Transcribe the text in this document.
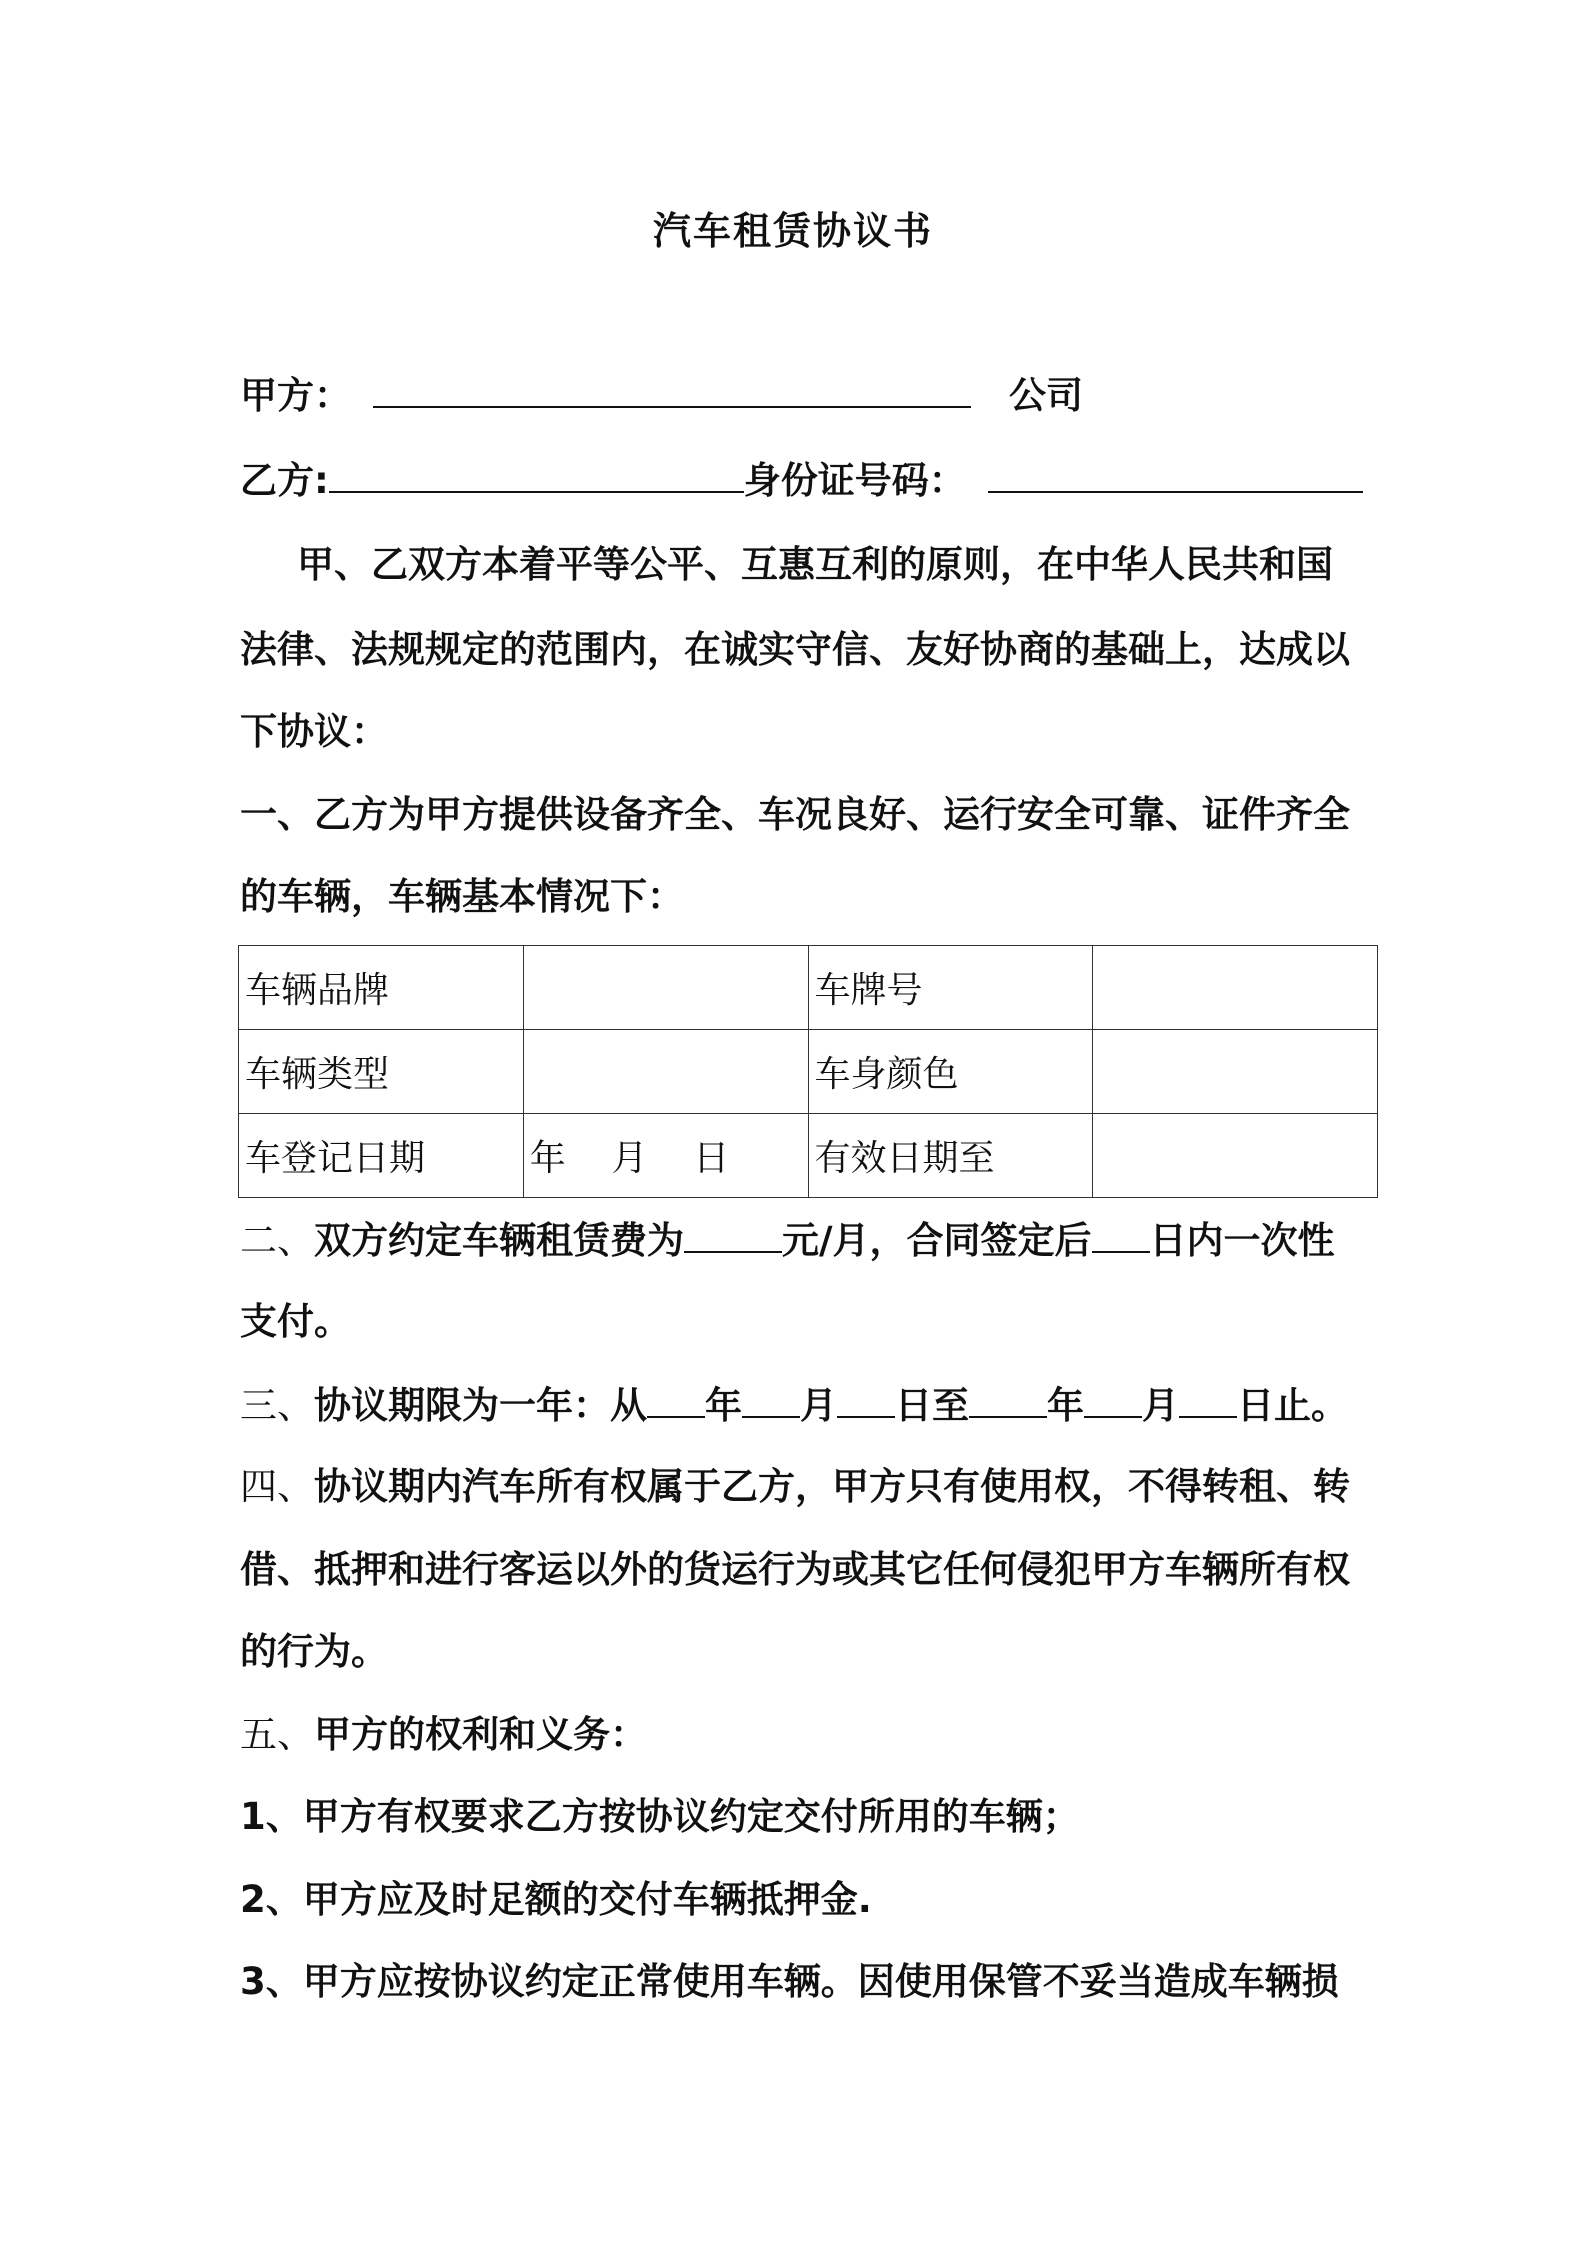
汽车租赁协议书
甲方：	公司
乙方:	身份证号码：
甲、乙双方本着平等公平、互惠互利的原则，在中华人民共和国
法律、法规规定的范围内，在诚实守信、友好协商的基础上，达成以
下协议：
一、乙方为甲方提供设备齐全、车况良好、运行安全可靠、证件齐全
的车辆，车辆基本情况下：
车辆品牌		车牌号	
车辆类型		车身颜色	
车登记日期	年    月    日	有效日期至	
二、双方约定车辆租赁费为	元/月，合同签定后 日内一次性
支付。
三、协议期限为一年：从 年 月 日至 年 月 日止。
四、协议期内汽车所有权属于乙方，甲方只有使用权，不得转租、转
借、抵押和进行客运以外的货运行为或其它任何侵犯甲方车辆所有权
的行为。
五、甲方的权利和义务：
1、甲方有权要求乙方按协议约定交付所用的车辆；
2、甲方应及时足额的交付车辆抵押金.
3、甲方应按协议约定正常使用车辆。因使用保管不妥当造成车辆损
